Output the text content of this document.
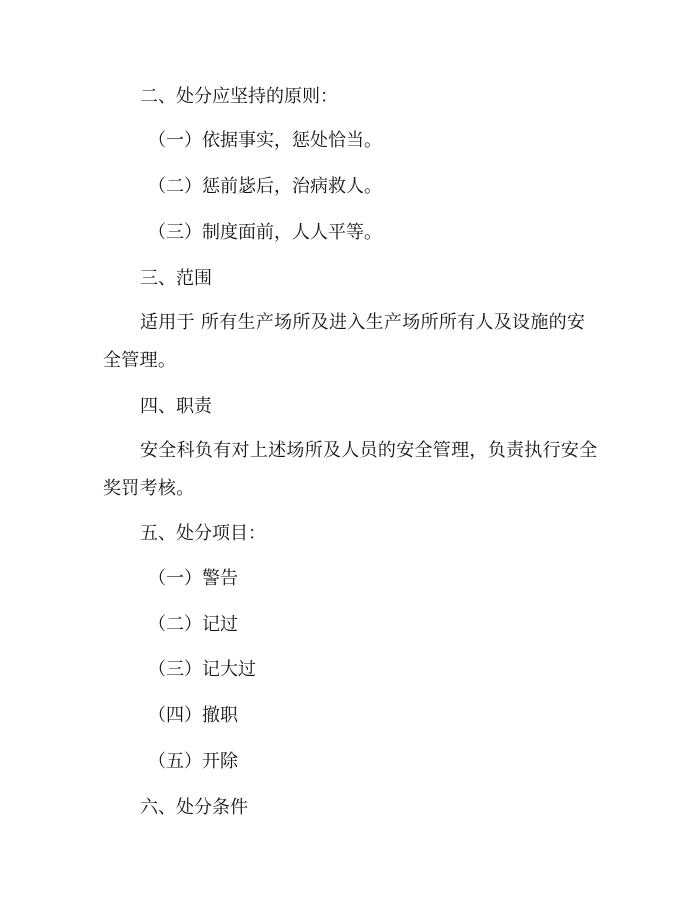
二、处分应坚持的原则：
（一）依据事实，惩处恰当。
（二）惩前毖后，治病救人。
（三）制度面前，人人平等。
三、范围
适用于 所有生产场所及进入生产场所所有人及设施的安全管理。
四、职责
安全科负有对上述场所及人员的安全管理，负责执行安全奖罚考核。
五、处分项目：
（一）警告
（二）记过
（三）记大过
（四）撤职
（五）开除
六、处分条件
